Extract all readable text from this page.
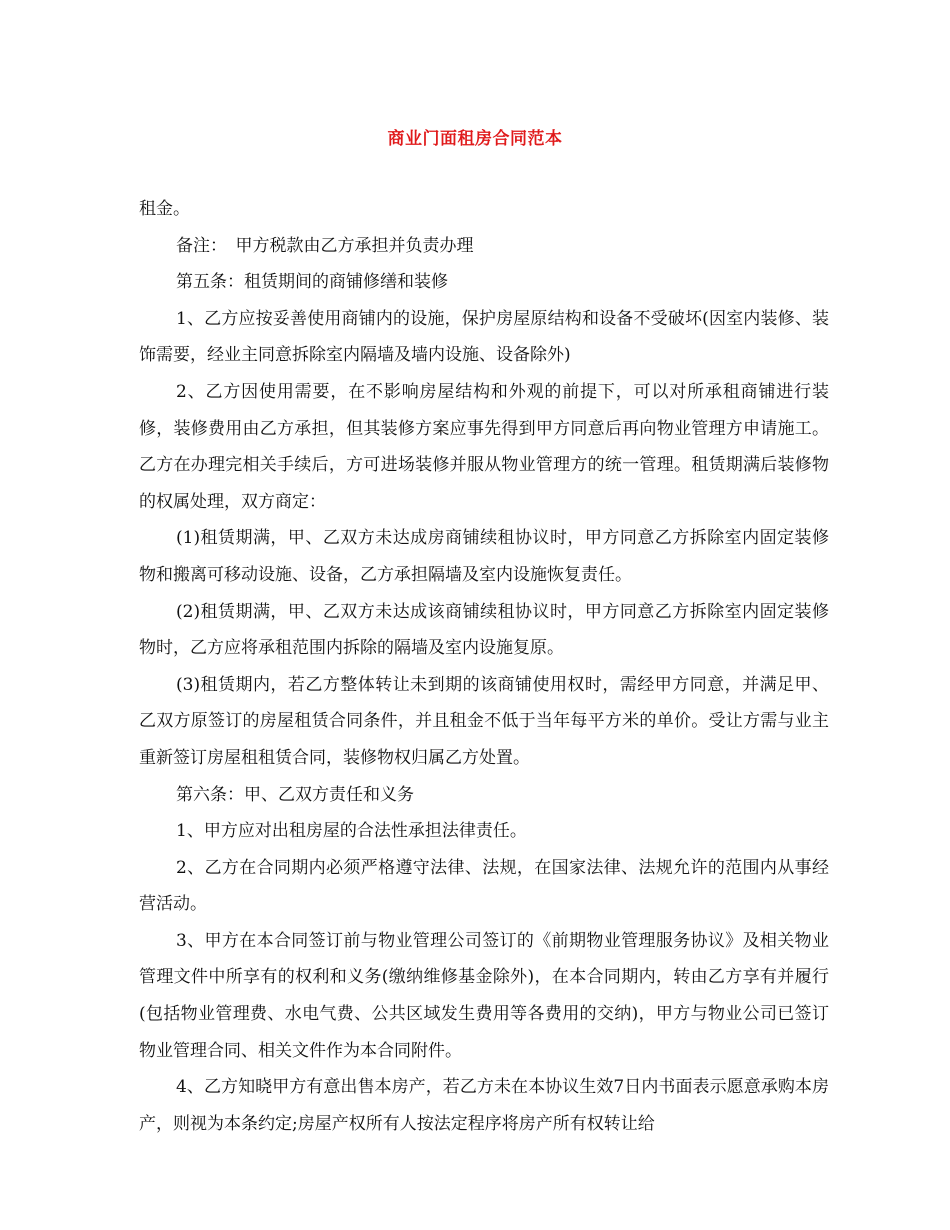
商业门面租房合同范本

租金。

备注：　甲方税款由乙方承担并负责办理

第五条：租赁期间的商铺修缮和装修

1、乙方应按妥善使用商铺内的设施，保护房屋原结构和设备不受破坏(因室内装修、装饰需要，经业主同意拆除室内隔墙及墙内设施、设备除外)

2、乙方因使用需要，在不影响房屋结构和外观的前提下，可以对所承租商铺进行装修，装修费用由乙方承担，但其装修方案应事先得到甲方同意后再向物业管理方申请施工。乙方在办理完相关手续后，方可进场装修并服从物业管理方的统一管理。租赁期满后装修物的权属处理，双方商定：

(1)租赁期满，甲、乙双方未达成房商铺续租协议时，甲方同意乙方拆除室内固定装修物和搬离可移动设施、设备，乙方承担隔墙及室内设施恢复责任。

(2)租赁期满，甲、乙双方未达成该商铺续租协议时，甲方同意乙方拆除室内固定装修物时，乙方应将承租范围内拆除的隔墙及室内设施复原。

(3)租赁期内，若乙方整体转让未到期的该商铺使用权时，需经甲方同意，并满足甲、乙双方原签订的房屋租赁合同条件，并且租金不低于当年每平方米的单价。受让方需与业主重新签订房屋租租赁合同，装修物权归属乙方处置。

第六条：甲、乙双方责任和义务

1、甲方应对出租房屋的合法性承担法律责任。

2、乙方在合同期内必须严格遵守法律、法规，在国家法律、法规允许的范围内从事经营活动。

3、甲方在本合同签订前与物业管理公司签订的《前期物业管理服务协议》及相关物业管理文件中所享有的权利和义务(缴纳维修基金除外)，在本合同期内，转由乙方享有并履行(包括物业管理费、水电气费、公共区域发生费用等各费用的交纳)，甲方与物业公司已签订物业管理合同、相关文件作为本合同附件。

4、乙方知晓甲方有意出售本房产，若乙方未在本协议生效7日内书面表示愿意承购本房产，则视为本条约定;房屋产权所有人按法定程序将房产所有权转让给
